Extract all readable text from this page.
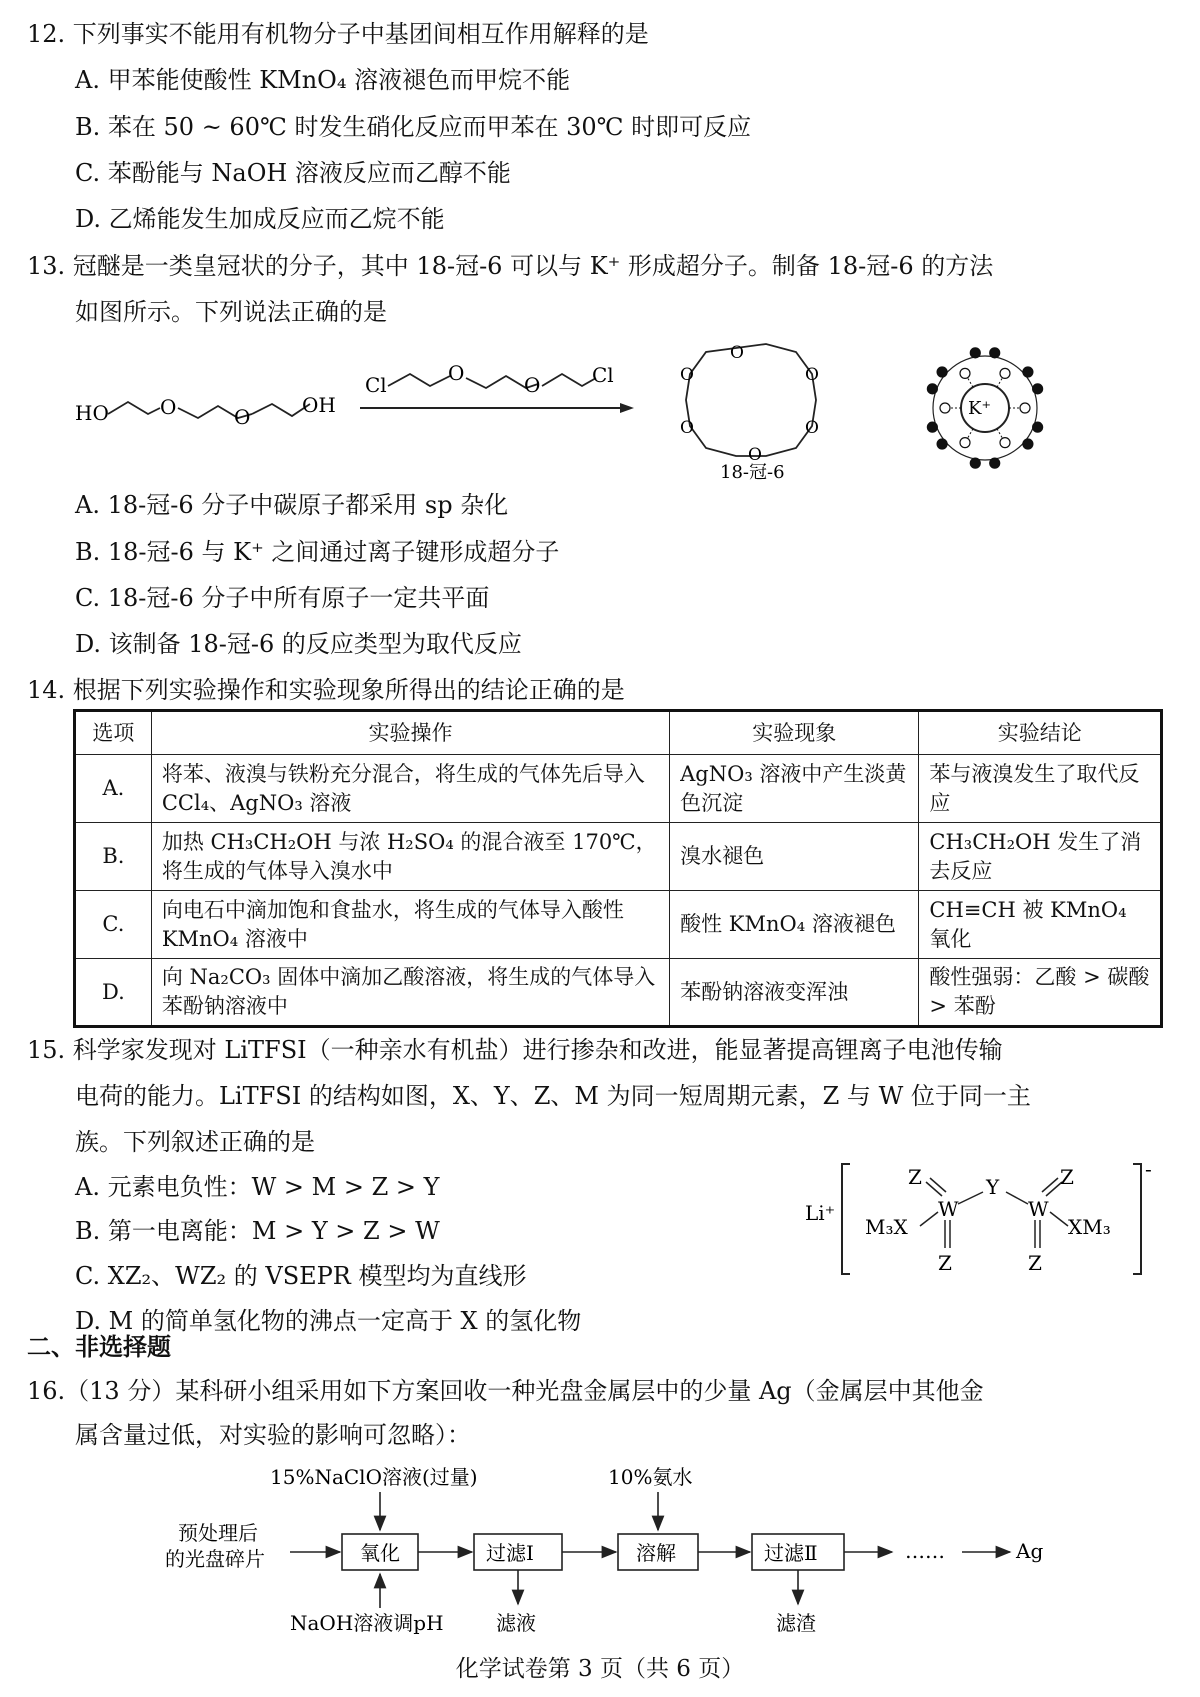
12. 下列事实不能用有机物分子中基团间相互作用解释的是
A. 甲苯能使酸性 KMnO₄ 溶液褪色而甲烷不能
B. 苯在 50 ~ 60℃ 时发生硝化反应而甲苯在 30℃ 时即可反应
C. 苯酚能与 NaOH 溶液反应而乙醇不能
D. 乙烯能发生加成反应而乙烷不能
13. 冠醚是一类皇冠状的分子，其中 18-冠-6 可以与 K⁺ 形成超分子。制备 18-冠-6 的方法
如图所示。下列说法正确的是
HO	O	O	OH
Cl	O	O	Cl
O
O
O
O
O
O
18-冠-6
K⁺
A. 18-冠-6 分子中碳原子都采用 sp 杂化
B. 18-冠-6 与 K⁺ 之间通过离子键形成超分子
C. 18-冠-6 分子中所有原子一定共平面
D. 该制备 18-冠-6 的反应类型为取代反应
14. 根据下列实验操作和实验现象所得出的结论正确的是
选项	实验操作	实验现象	实验结论
A.	将苯、液溴与铁粉充分混合，将生成的气体先后导入 CCl₄、AgNO₃ 溶液	AgNO₃ 溶液中产生淡黄色沉淀	苯与液溴发生了取代反应
B.	加热 CH₃CH₂OH 与浓 H₂SO₄ 的混合液至 170℃，将生成的气体导入溴水中	溴水褪色	CH₃CH₂OH 发生了消去反应
C.	向电石中滴加饱和食盐水，将生成的气体导入酸性 KMnO₄ 溶液中	酸性 KMnO₄ 溶液褪色	CH≡CH 被 KMnO₄ 氧化
D.	向 Na₂CO₃ 固体中滴加乙酸溶液，将生成的气体导入苯酚钠溶液中	苯酚钠溶液变浑浊	酸性强弱：乙酸 > 碳酸 > 苯酚
15. 科学家发现对 LiTFSI（一种亲水有机盐）进行掺杂和改进，能显著提高锂离子电池传输
电荷的能力。LiTFSI 的结构如图，X、Y、Z、M 为同一短周期元素，Z 与 W 位于同一主
族。下列叙述正确的是
A. 元素电负性：W > M > Z > Y
B. 第一电离能：M > Y > Z > W
C. XZ₂、WZ₂ 的 VSEPR 模型均为直线形
D. M 的简单氢化物的沸点一定高于 X 的氢化物
Li⁺
-
Z
W
M₃X
Z
Y
W
Z
XM₃
Z
二、非选择题
16.（13 分）某科研小组采用如下方案回收一种光盘金属层中的少量 Ag（金属层中其他金
属含量过低，对实验的影响可忽略）：
15%NaClO溶液(过量)	10%氨水
预处理后
的光盘碎片	氧化	过滤Ⅰ	溶解	过滤Ⅱ	……	Ag
NaOH溶液调pH	滤液	滤渣
化学试卷第 3 页（共 6 页）
